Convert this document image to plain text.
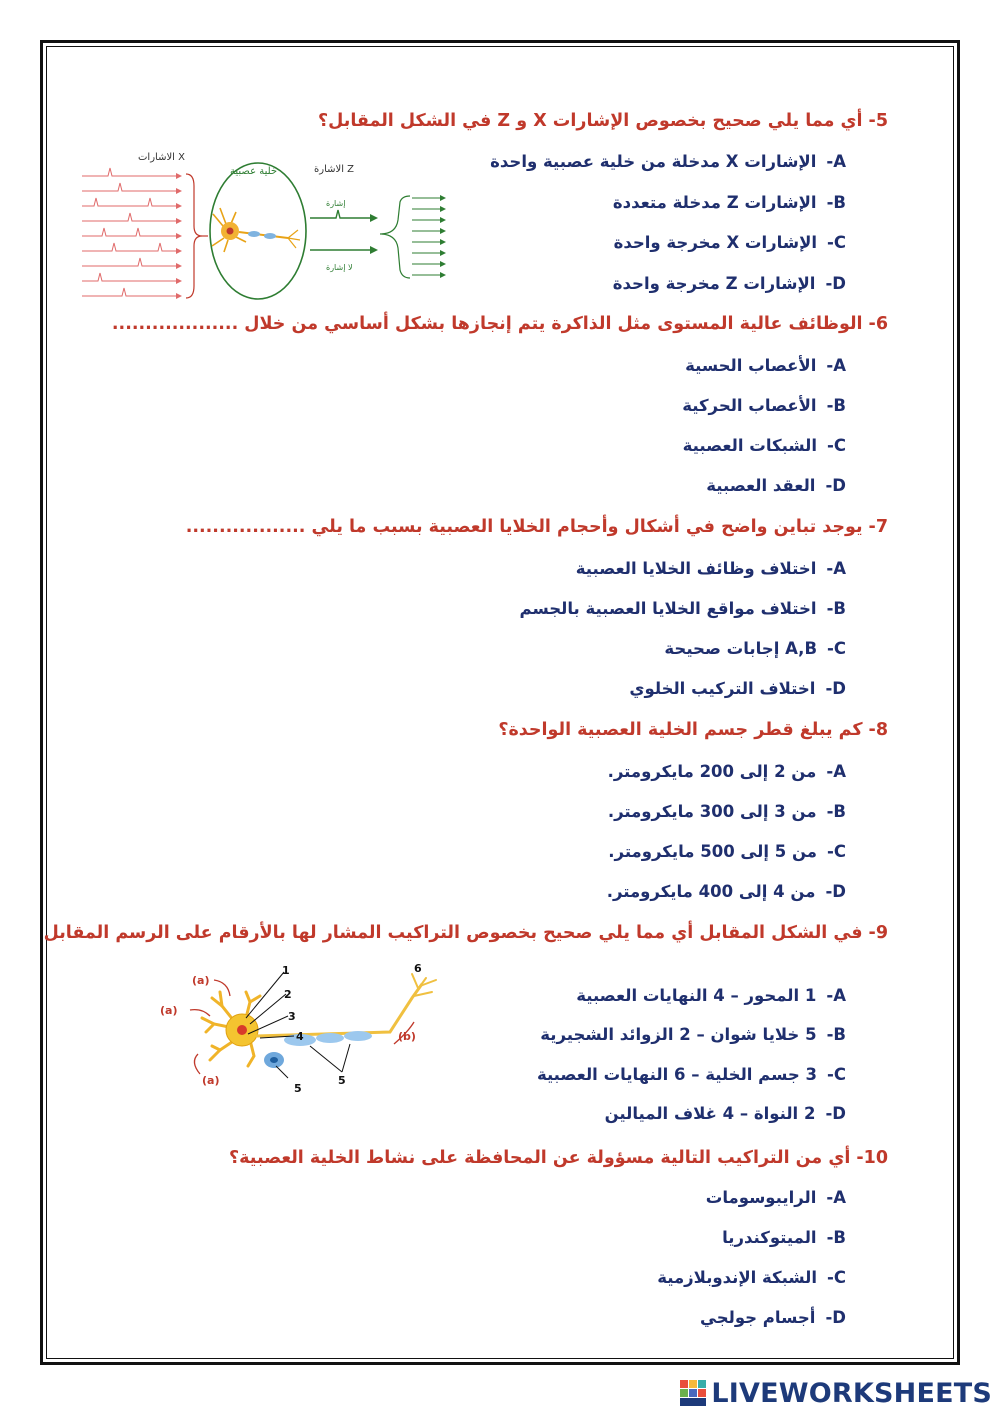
5-أي مما يلي صحيح بخصوص الإشارات X و Z في الشكل المقابل؟
A-الإشارات X مدخلة من خلية عصبية واحدة
B-الإشارات Z مدخلة متعددة
C-الإشارات X مخرجة واحدة
D-الإشارات Z مخرجة واحدة
الاشارات X
خلية عصبية	الاشارة Z
إشارة
لا إشارة
6-الوظائف عالية المستوى مثل الذاكرة يتم إنجازها بشكل أساسي من خلال ...................
A-الأعصاب الحسية
B-الأعصاب الحركية
C-الشبكات العصبية
D-العقد العصبية
7-يوجد تباين واضح في أشكال وأحجام الخلايا العصبية بسبب ما يلي ..................
A-اختلاف وظائف الخلايا العصبية
B-اختلاف مواقع الخلايا العصبية بالجسم
C-A,B إجابات صحيحة
D-اختلاف التركيب الخلوي
8-كم يبلغ قطر جسم الخلية العصبية الواحدة؟
A-من 2 إلى 200 مايكرومتر.
B-من 3 إلى 300 مايكرومتر.
C-من 5 إلى 500 مايكرومتر.
D-من 4 إلى 400 مايكرومتر.
9-في الشكل المقابل أي مما يلي صحيح بخصوص التراكيب المشار لها بالأرقام على الرسم المقابل
A-1 المحور – 4 النهايات العصبية
B-5 خلايا شوان – 2 الزوائد الشجيرية
C-3 جسم الخلية – 6 النهايات العصبية
D-2 النواة – 4 غلاف الميالين
1
2
3
4
5
5
6
(a)
(a)
(a)
(b)
10-أي من التراكيب التالية مسؤولة عن المحافظة على نشاط الخلية العصبية؟
A-الرايبوسومات
B-الميتوكندريا
C-الشبكة الإندوبلازمية
D-أجسام جولجي
LIVEWORKSHEETS
